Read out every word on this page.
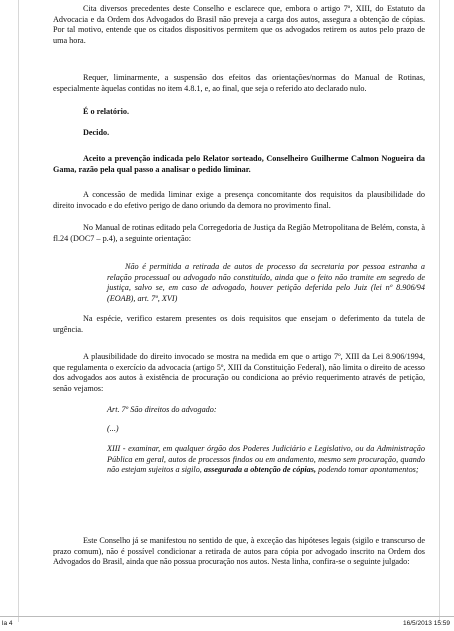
Cita diversos precedentes deste Conselho e esclarece que, embora o artigo 7º, XIII, do Estatuto da Advocacia e da Ordem dos Advogados do Brasil não preveja a carga dos autos, assegura a obtenção de cópias. Por tal motivo, entende que os citados dispositivos permitem que os advogados retirem os autos pelo prazo de uma hora.

Requer, liminarmente, a suspensão dos efeitos das orientações/normas do Manual de Rotinas, especialmente àquelas contidas no item 4.8.1, e, ao final, que seja o referido ato declarado nulo.

É o relatório.

Decido.

Aceito a prevenção indicada pelo Relator sorteado, Conselheiro Guilherme Calmon Nogueira da Gama, razão pela qual passo a analisar o pedido liminar.

A concessão de medida liminar exige a presença concomitante dos requisitos da plausibilidade do direito invocado e do efetivo perigo de dano oriundo da demora no provimento final.

No Manual de rotinas editado pela Corregedoria de Justiça da Região Metropolitana de Belém, consta, à fl.24 (DOC7 – p.4), a seguinte orientação:

Não é permitida a retirada de autos de processo da secretaria por pessoa estranha a relação processual ou advogado não constituído, ainda que o feito não tramite em segredo de justiça, salvo se, em caso de advogado, houver petição deferida pelo Juiz (lei nº 8.906/94 (EOAB), art. 7º, XVI)

Na espécie, verifico estarem presentes os dois requisitos que ensejam o deferimento da tutela de urgência.

A plausibilidade do direito invocado se mostra na medida em que o artigo 7º, XIII da Lei 8.906/1994, que regulamenta o exercício da advocacia (artigo 5º, XIII da Constituição Federal), não limita o direito de acesso dos advogados aos autos à existência de procuração ou condiciona ao prévio requerimento através de petição, senão vejamos:

Art. 7º São direitos do advogado:

(...)

XIII - examinar, em qualquer órgão dos Poderes Judiciário e Legislativo, ou da Administração Pública em geral, autos de processos findos ou em andamento, mesmo sem procuração, quando não estejam sujeitos a sigilo, assegurada a obtenção de cópias, podendo tomar apontamentos;

Este Conselho já se manifestou no sentido de que, à exceção das hipóteses legais (sigilo e transcurso de prazo comum), não é possível condicionar a retirada de autos para cópia por advogado inscrito na Ordem dos Advogados do Brasil, ainda que não possua procuração nos autos. Nesta linha, confira-se o seguinte julgado:

la 4	16/5/2013 15:59
